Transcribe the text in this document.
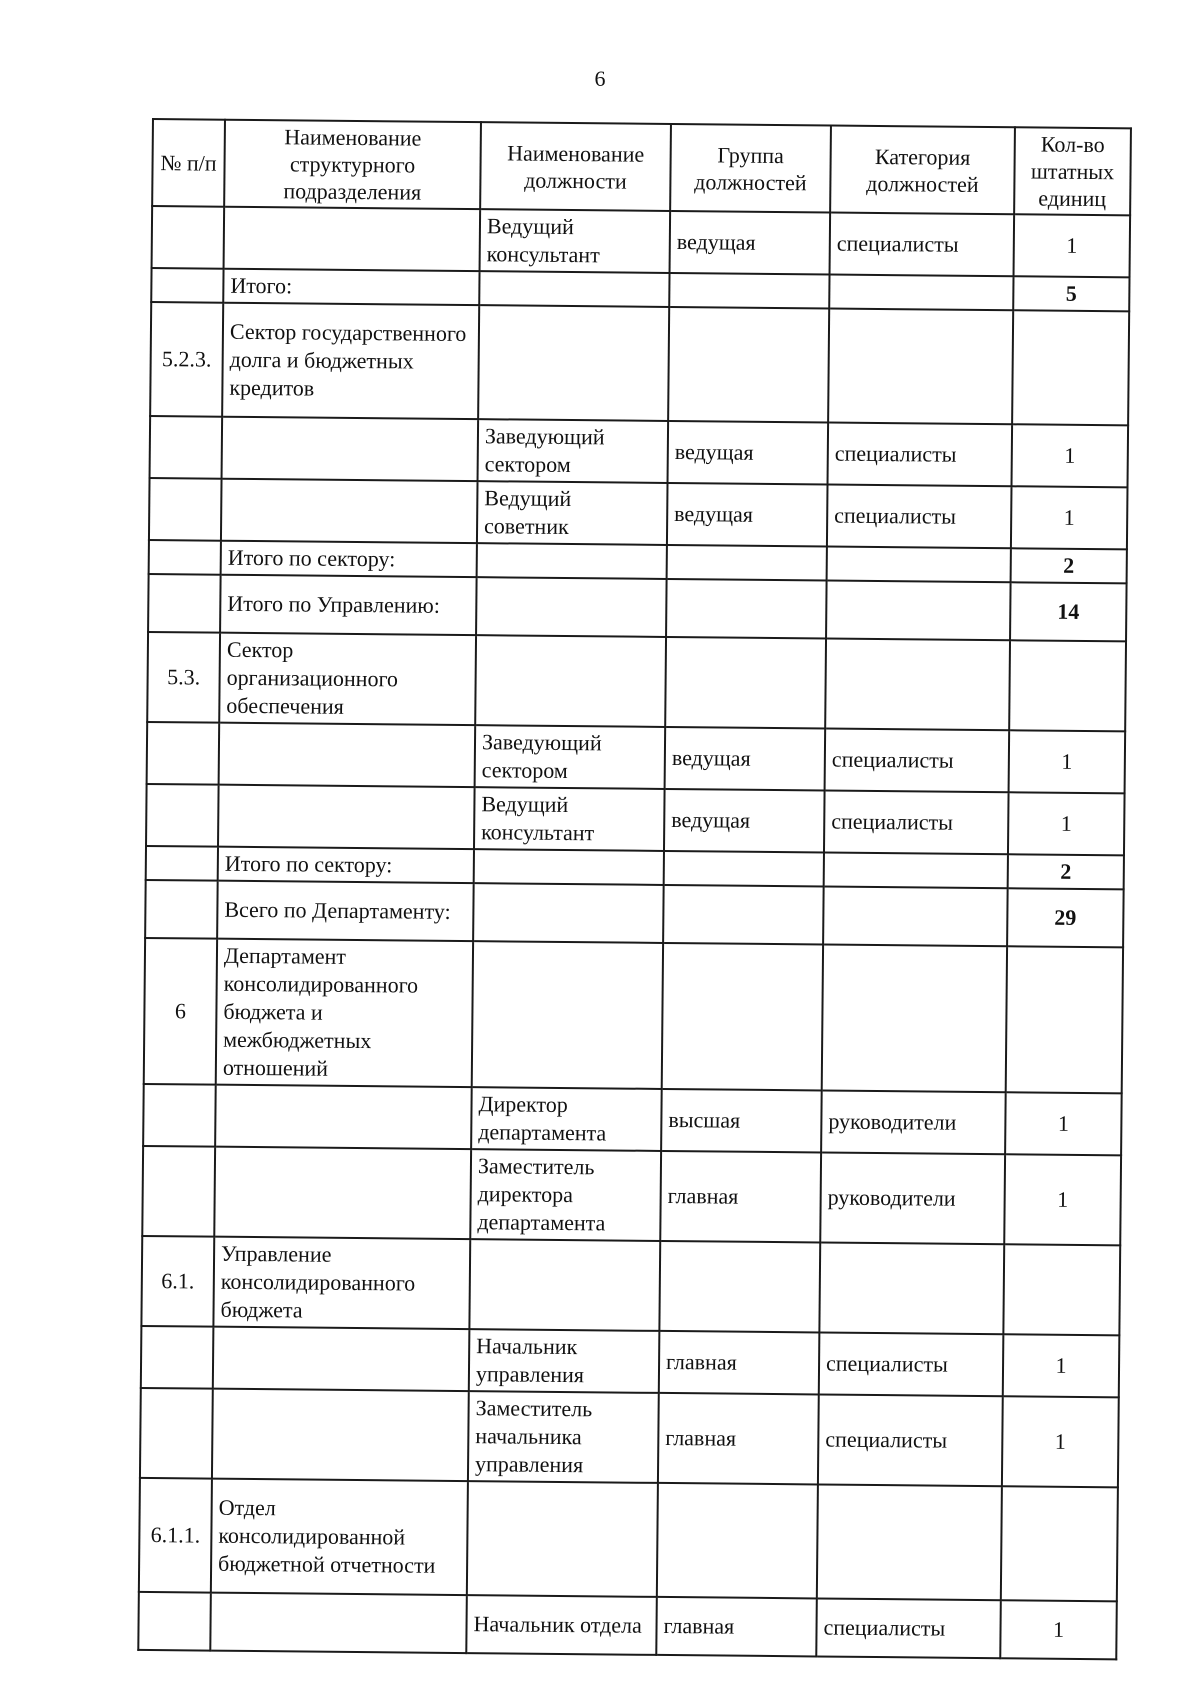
6
№ п/п	Наименование структурного подразделения	Наименование должности	Группа должностей	Категория должностей	Кол-во штатных единиц
		Ведущий консультант	ведущая	специалисты	1
	Итого:				5
5.2.3.	Сектор государственного долга и бюджетных кредитов				
		Заведующий сектором	ведущая	специалисты	1
		Ведущий советник	ведущая	специалисты	1
	Итого по сектору:				2
	Итого по Управлению:				14
5.3.	Сектор организационного обеспечения				
		Заведующий сектором	ведущая	специалисты	1
		Ведущий консультант	ведущая	специалисты	1
	Итого по сектору:				2
	Всего по Департаменту:				29
6	Департамент консолидированного бюджета и межбюджетных отношений				
		Директор департамента	высшая	руководители	1
		Заместитель директора департамента	главная	руководители	1
6.1.	Управление консолидированного бюджета				
		Начальник управления	главная	специалисты	1
		Заместитель начальника управления	главная	специалисты	1
6.1.1.	Отдел консолидированной бюджетной отчетности				
		Начальник отдела	главная	специалисты	1
